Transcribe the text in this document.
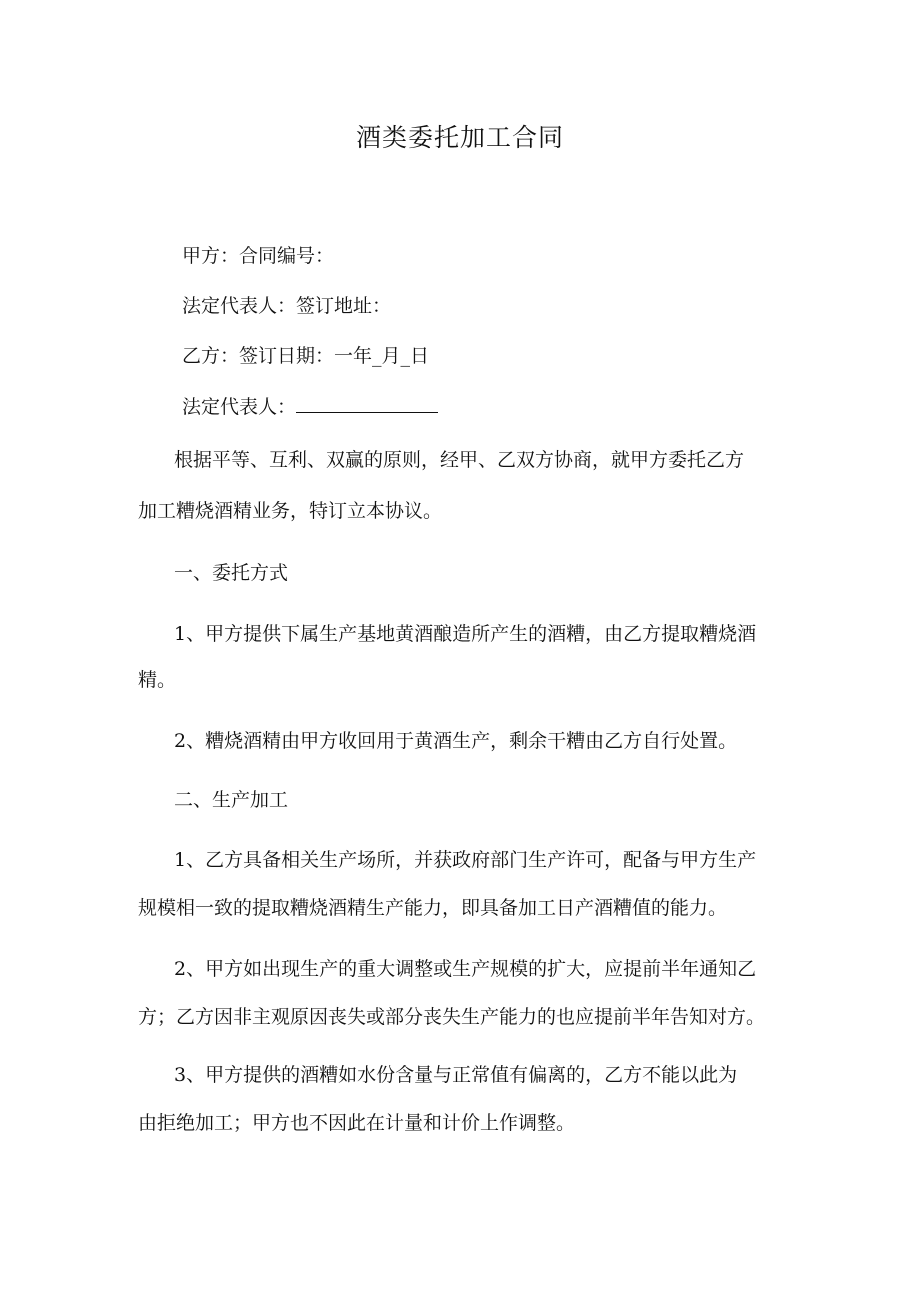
酒类委托加工合同
甲方：合同编号：
法定代表人：签订地址：
乙方：签订日期：一年_月_日
法定代表人：
根据平等、互利、双赢的原则，经甲、乙双方协商，就甲方委托乙方
加工糟烧酒精业务，特订立本协议。
一、委托方式
1、甲方提供下属生产基地黄酒酿造所产生的酒糟，由乙方提取糟烧酒
精。
2、糟烧酒精由甲方收回用于黄酒生产，剩余干糟由乙方自行处置。
二、生产加工
1、乙方具备相关生产场所，并获政府部门生产许可，配备与甲方生产
规模相一致的提取糟烧酒精生产能力，即具备加工日产酒糟值的能力。
2、甲方如出现生产的重大调整或生产规模的扩大，应提前半年通知乙
方；乙方因非主观原因丧失或部分丧失生产能力的也应提前半年告知对方。
3、甲方提供的酒糟如水份含量与正常值有偏离的，乙方不能以此为
由拒绝加工；甲方也不因此在计量和计价上作调整。
